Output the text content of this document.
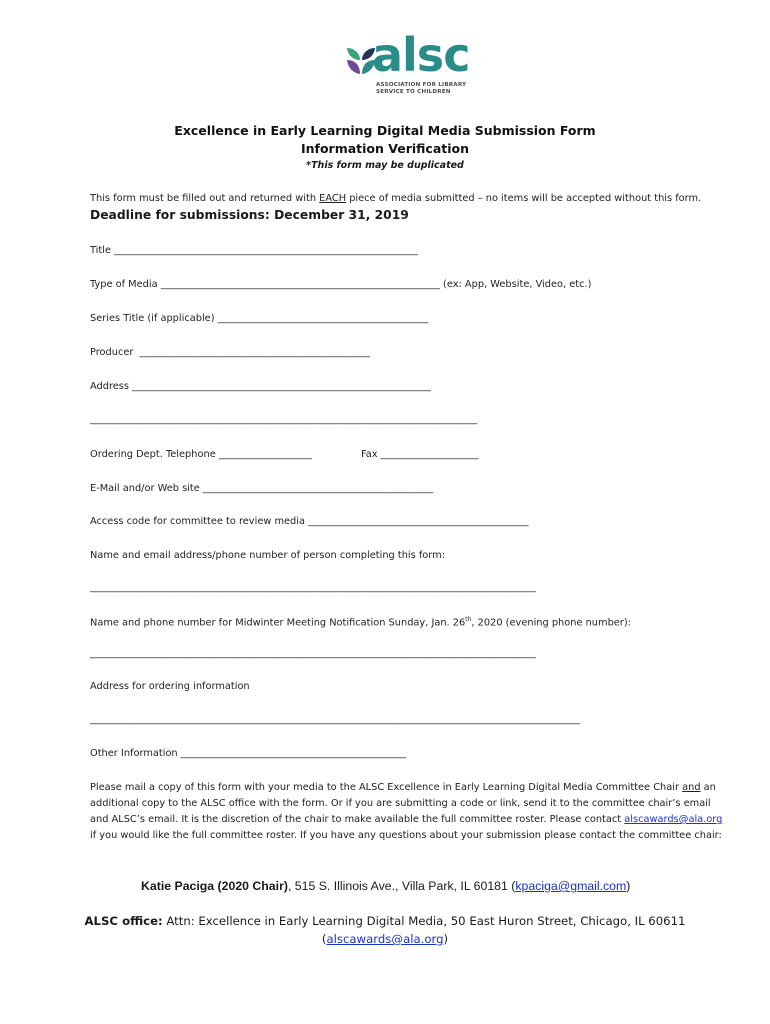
alsc
ASSOCIATION FOR LIBRARY
SERVICE TO CHILDREN
Excellence in Early Learning Digital Media Submission Form
Information Verification
*This form may be duplicated
This form must be filled out and returned with EACH piece of media submitted – no items will be accepted without this form.
Deadline for submissions: December 31, 2019
Title ______________________________________________________________
Type of Media _________________________________________________________ (ex: App, Website, Video, etc.)
Series Title (if applicable) ___________________________________________
Producer  _______________________________________________
Address _____________________________________________________________
_______________________________________________________________________________
Ordering Dept. Telephone ___________________	Fax ____________________
E-Mail and/or Web site _______________________________________________
Access code for committee to review media _____________________________________________
Name and email address/phone number of person completing this form:
___________________________________________________________________________________________
Name and phone number for Midwinter Meeting Notification Sunday, Jan. 26th, 2020 (evening phone number):
___________________________________________________________________________________________
Address for ordering information
____________________________________________________________________________________________________
Other Information ______________________________________________
Please mail a copy of this form with your media to the ALSC Excellence in Early Learning Digital Media Committee Chair and an additional copy to the ALSC office with the form. Or if you are submitting a code or link, send it to the committee chair’s email and ALSC’s email. It is the discretion of the chair to make available the full committee roster. Please contact alscawards@ala.org if you would like the full committee roster. If you have any questions about your submission please contact the committee chair:
Katie Paciga (2020 Chair), 515 S. Illinois Ave., Villa Park, IL 60181 (kpaciga@gmail.com)
ALSC office: Attn: Excellence in Early Learning Digital Media, 50 East Huron Street, Chicago, IL 60611
(alscawards@ala.org)
